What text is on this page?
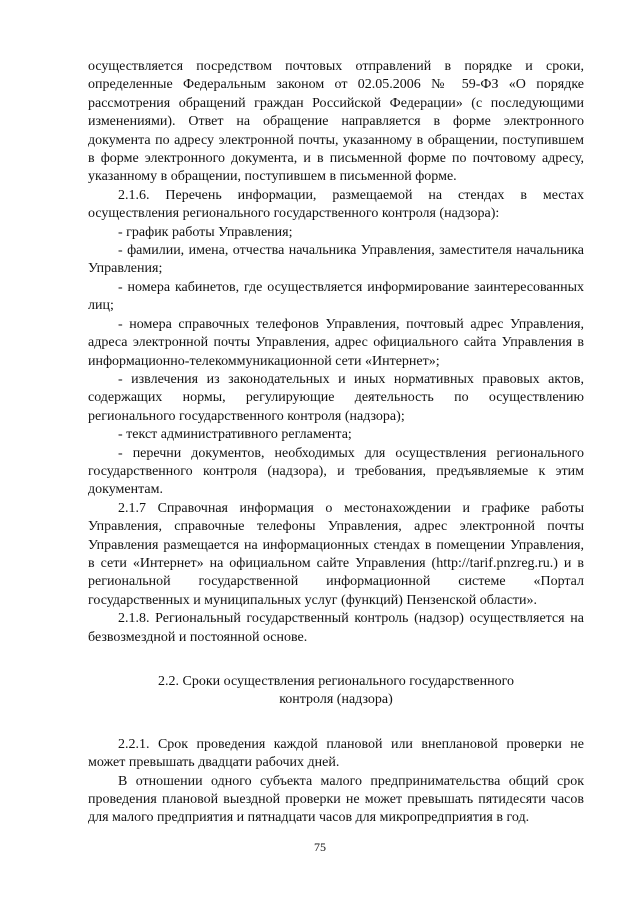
осуществляется посредством почтовых отправлений в порядке и сроки, определенные Федеральным законом от 02.05.2006 № 59-ФЗ «О порядке рассмотрения обращений граждан Российской Федерации» (с последующими изменениями). Ответ на обращение направляется в форме электронного документа по адресу электронной почты, указанному в обращении, поступившем в форме электронного документа, и в письменной форме по почтовому адресу, указанному в обращении, поступившем в письменной форме.

2.1.6. Перечень информации, размещаемой на стендах в местах осуществления регионального государственного контроля (надзора):

- график работы Управления;

- фамилии, имена, отчества начальника Управления, заместителя начальника Управления;

- номера кабинетов, где осуществляется информирование заинтересованных лиц;

- номера справочных телефонов Управления, почтовый адрес Управления, адреса электронной почты Управления, адрес официального сайта Управления в информационно-телекоммуникационной сети «Интернет»;

- извлечения из законодательных и иных нормативных правовых актов, содержащих нормы, регулирующие деятельность по осуществлению регионального государственного контроля (надзора);

- текст административного регламента;

- перечни документов, необходимых для осуществления регионального государственного контроля (надзора), и требования, предъявляемые к этим документам.

2.1.7 Справочная информация о местонахождении и графике работы Управления, справочные телефоны Управления, адрес электронной почты Управления размещается на информационных стендах в помещении Управления, в сети «Интернет» на официальном сайте Управления (http://tarif.pnzreg.ru.) и в региональной государственной информационной системе «Портал государственных и муниципальных услуг (функций) Пензенской области».

2.1.8. Региональный государственный контроль (надзор) осуществляется на безвозмездной и постоянной основе.

2.2. Сроки осуществления регионального государственного
контроля (надзора)

2.2.1. Срок проведения каждой плановой или внеплановой проверки не может превышать двадцати рабочих дней.

В отношении одного субъекта малого предпринимательства общий срок проведения плановой выездной проверки не может превышать пятидесяти часов для малого предприятия и пятнадцати часов для микропредприятия в год.

75
